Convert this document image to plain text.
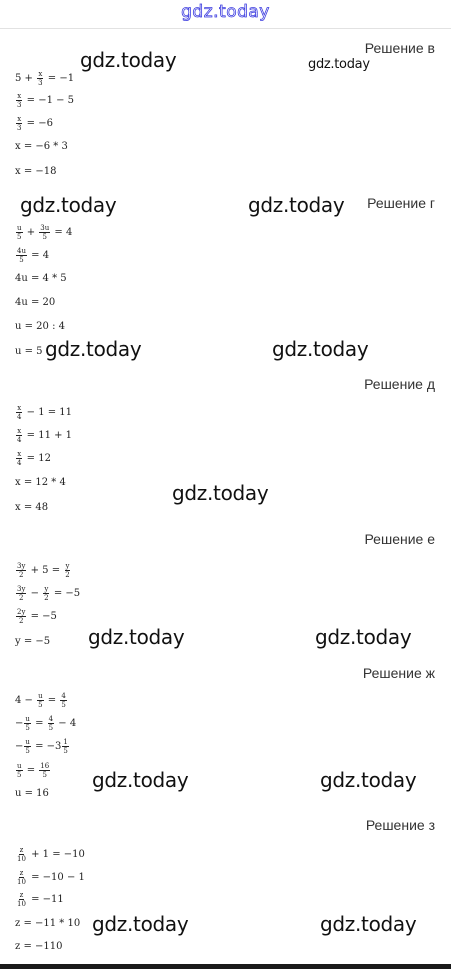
gdz.today
Решение в
$5 + \frac{x}{3} = -1$
$\frac{x}{3} = -1 - 5$
$\frac{x}{3} = -6$
x = −6 * 3
x = −18
Решение г
$\frac{u}{5} + \frac{3u}{5} = 4$
$\frac{4u}{5} = 4$
4u = 4 * 5
4u = 20
u = 20 : 4
u = 5
Решение д
$\frac{x}{4} - 1 = 11$
$\frac{x}{4} = 11 + 1$
$\frac{x}{4} = 12$
x = 12 * 4
x = 48
Решение е
$\frac{3y}{2} + 5 = \frac{y}{2}$
$\frac{3y}{2} - \frac{y}{2} = -5$
$\frac{2y}{2} = -5$
y = −5
Решение ж
$4 - \frac{u}{5} = \frac{4}{5}$
− $\frac{u}{5} = \frac{4}{5} - 4$
− $\frac{u}{5} = -3 \frac{1}{5}$
$\frac{u}{5} = \frac{16}{5}$
u = 16
Решение з
$\frac{z}{10} + 1 = -10$
$\frac{z}{10} = -10 - 1$
$\frac{z}{10} = -11$
z = −11 * 10
z = −110
gdz.today	gdz.today
gdz.today	gdz.today
gdz.today	gdz.today
gdz.today
gdz.today	gdz.today
gdz.today	gdz.today
gdz.today	gdz.today
